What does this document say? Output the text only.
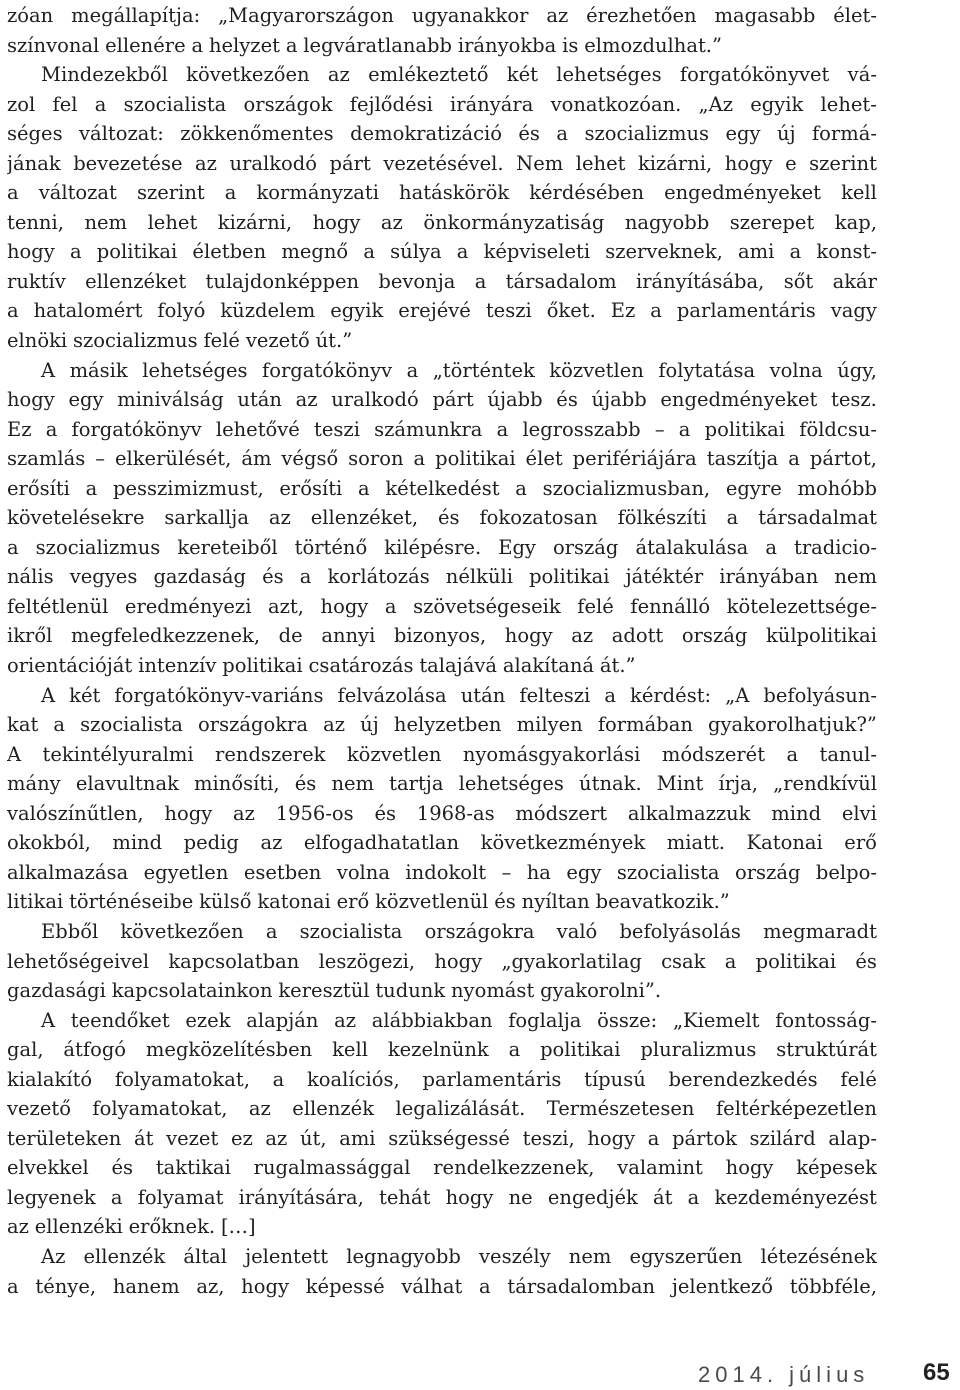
zóan megállapítja: „Magyarországon ugyanakkor az érezhetően magasabb élet-
színvonal ellenére a helyzet a legváratlanabb irányokba is elmozdulhat.”
Mindezekből következően az emlékeztető két lehetséges forgatókönyvet vá-
zol fel a szocialista országok fejlődési irányára vonatkozóan. „Az egyik lehet-
séges változat: zökkenőmentes demokratizáció és a szocializmus egy új formá-
jának bevezetése az uralkodó párt vezetésével. Nem lehet kizárni, hogy e szerint
a változat szerint a kormányzati hatáskörök kérdésében engedményeket kell
tenni, nem lehet kizárni, hogy az önkormányzatiság nagyobb szerepet kap,
hogy a politikai életben megnő a súlya a képviseleti szerveknek, ami a konst-
ruktív ellenzéket tulajdonképpen bevonja a társadalom irányításába, sőt akár
a hatalomért folyó küzdelem egyik erejévé teszi őket. Ez a parlamentáris vagy
elnöki szocializmus felé vezető út.”
A másik lehetséges forgatókönyv a „történtek közvetlen folytatása volna úgy,
hogy egy miniválság után az uralkodó párt újabb és újabb engedményeket tesz.
Ez a forgatókönyv lehetővé teszi számunkra a legrosszabb – a politikai földcsu-
szamlás – elkerülését, ám végső soron a politikai élet perifériájára taszítja a pártot,
erősíti a pesszimizmust, erősíti a kételkedést a szocializmusban, egyre mohóbb
követelésekre sarkallja az ellenzéket, és fokozatosan fölkészíti a társadalmat
a szocializmus kereteiből történő kilépésre. Egy ország átalakulása a tradicio-
nális vegyes gazdaság és a korlátozás nélküli politikai játéktér irányában nem
feltétlenül eredményezi azt, hogy a szövetségeseik felé fennálló kötelezettsége-
ikről megfeledkezzenek, de annyi bizonyos, hogy az adott ország külpolitikai
orientációját intenzív politikai csatározás talajává alakítaná át.”
A két forgatókönyv-variáns felvázolása után felteszi a kérdést: „A befolyásun-
kat a szocialista országokra az új helyzetben milyen formában gyakorolhatjuk?”
A tekintélyuralmi rendszerek közvetlen nyomásgyakorlási módszerét a tanul-
mány elavultnak minősíti, és nem tartja lehetséges útnak. Mint írja, „rendkívül
valószínűtlen, hogy az 1956-os és 1968-as módszert alkalmazzuk mind elvi
okokból, mind pedig az elfogadhatatlan következmények miatt. Katonai erő
alkalmazása egyetlen esetben volna indokolt – ha egy szocialista ország belpo-
litikai történéseibe külső katonai erő közvetlenül és nyíltan beavatkozik.”
Ebből következően a szocialista országokra való befolyásolás megmaradt
lehetőségeivel kapcsolatban leszögezi, hogy „gyakorlatilag csak a politikai és
gazdasági kapcsolatainkon keresztül tudunk nyomást gyakorolni”.
A teendőket ezek alapján az alábbiakban foglalja össze: „Kiemelt fontosság-
gal, átfogó megközelítésben kell kezelnünk a politikai pluralizmus struktúrát
kialakító folyamatokat, a koalíciós, parlamentáris típusú berendezkedés felé
vezető folyamatokat, az ellenzék legalizálását. Természetesen feltérképezetlen
területeken át vezet ez az út, ami szükségessé teszi, hogy a pártok szilárd alap-
elvekkel és taktikai rugalmassággal rendelkezzenek, valamint hogy képesek
legyenek a folyamat irányítására, tehát hogy ne engedjék át a kezdeményezést
az ellenzéki erőknek. […]
Az ellenzék által jelentett legnagyobb veszély nem egyszerűen létezésének
a ténye, hanem az, hogy képessé válhat a társadalomban jelentkező többféle,
2014. július 65
